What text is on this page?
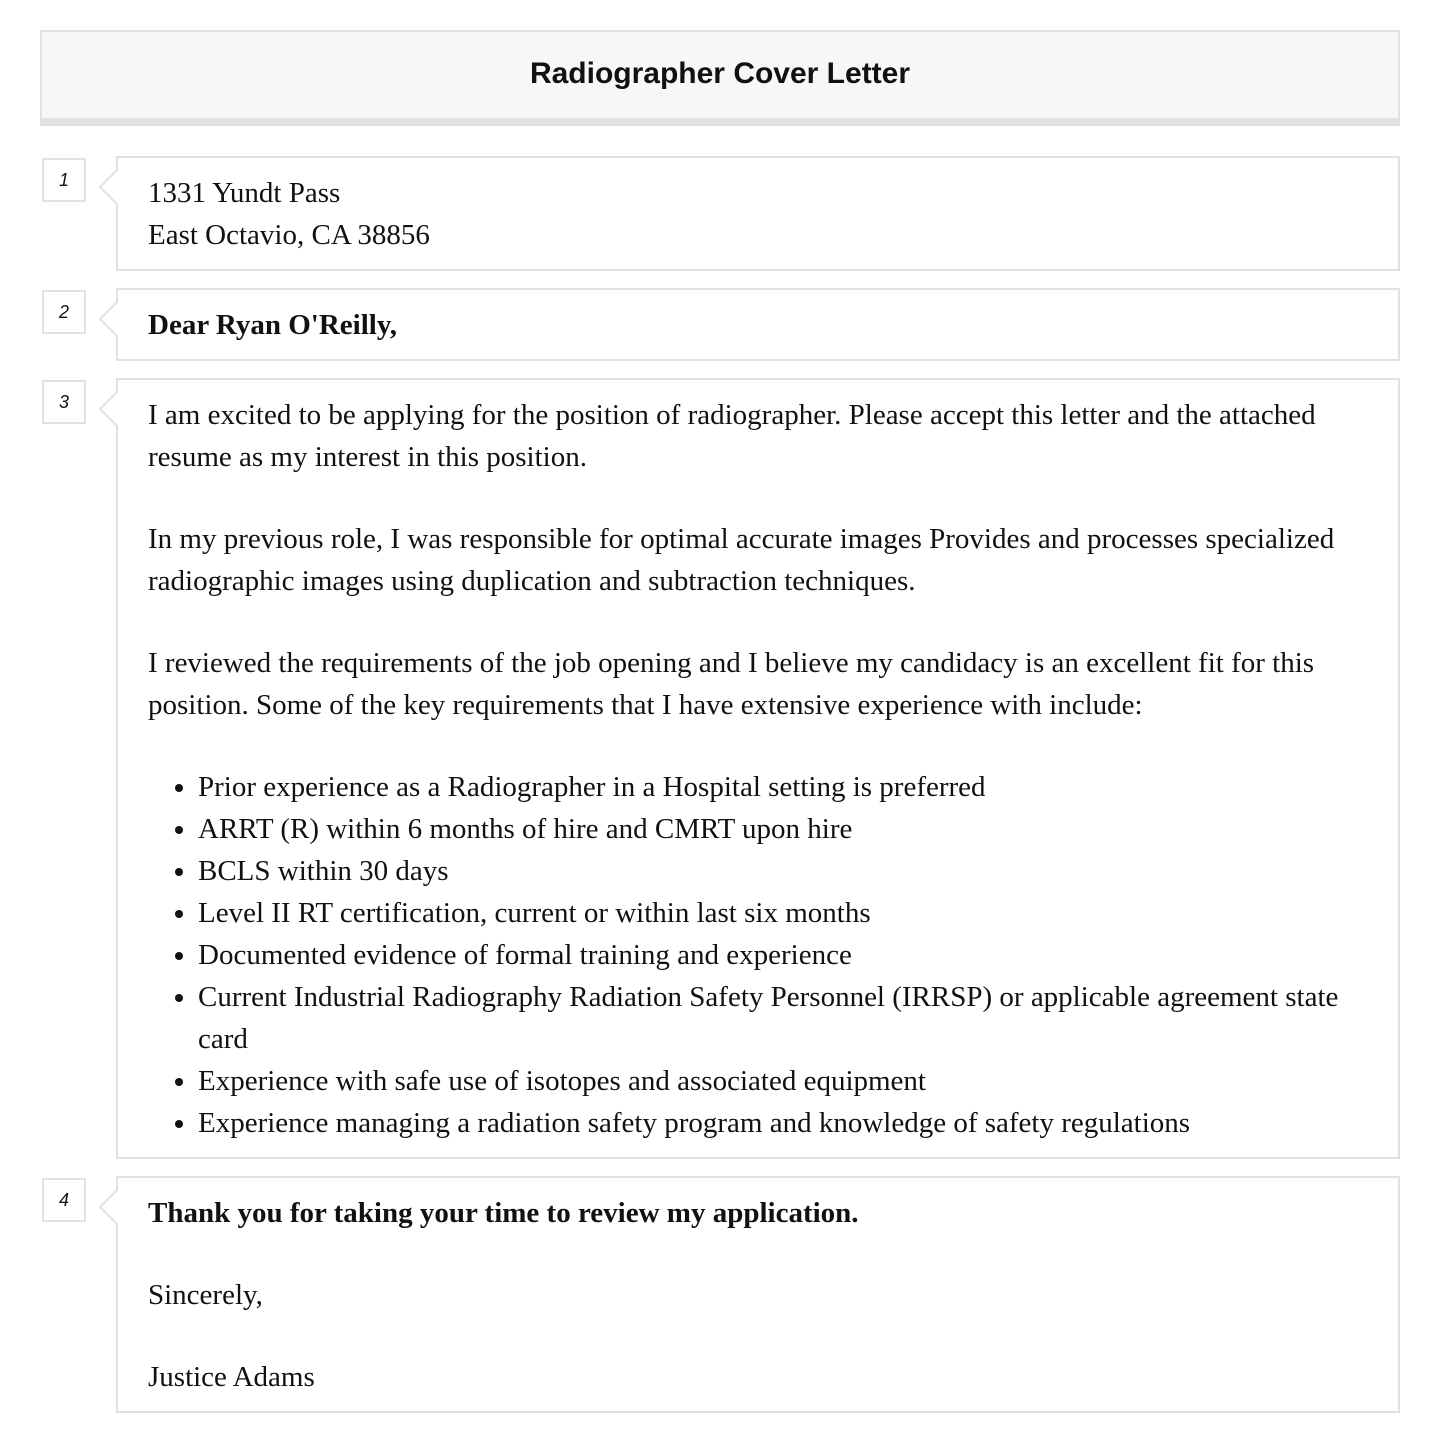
Radiographer Cover Letter
1	1331 Yundt Pass

East Octavio, CA 38856

2	Dear Ryan O'Reilly,

3	I am excited to be applying for the position of radiographer. Please accept this letter and the attached resume as my interest in this position.

In my previous role, I was responsible for optimal accurate images Provides and processes specialized radiographic images using duplication and subtraction techniques.

I reviewed the requirements of the job opening and I believe my candidacy is an excellent fit for this position. Some of the key requirements that I have extensive experience with include:

• Prior experience as a Radiographer in a Hospital setting is preferred
• ARRT (R) within 6 months of hire and CMRT upon hire
• BCLS within 30 days
• Level II RT certification, current or within last six months
• Documented evidence of formal training and experience
• Current Industrial Radiography Radiation Safety Personnel (IRRSP) or applicable agreement state card
• Experience with safe use of isotopes and associated equipment
• Experience managing a radiation safety program and knowledge of safety regulations
4	Thank you for taking your time to review my application.

Sincerely,

Justice Adams
